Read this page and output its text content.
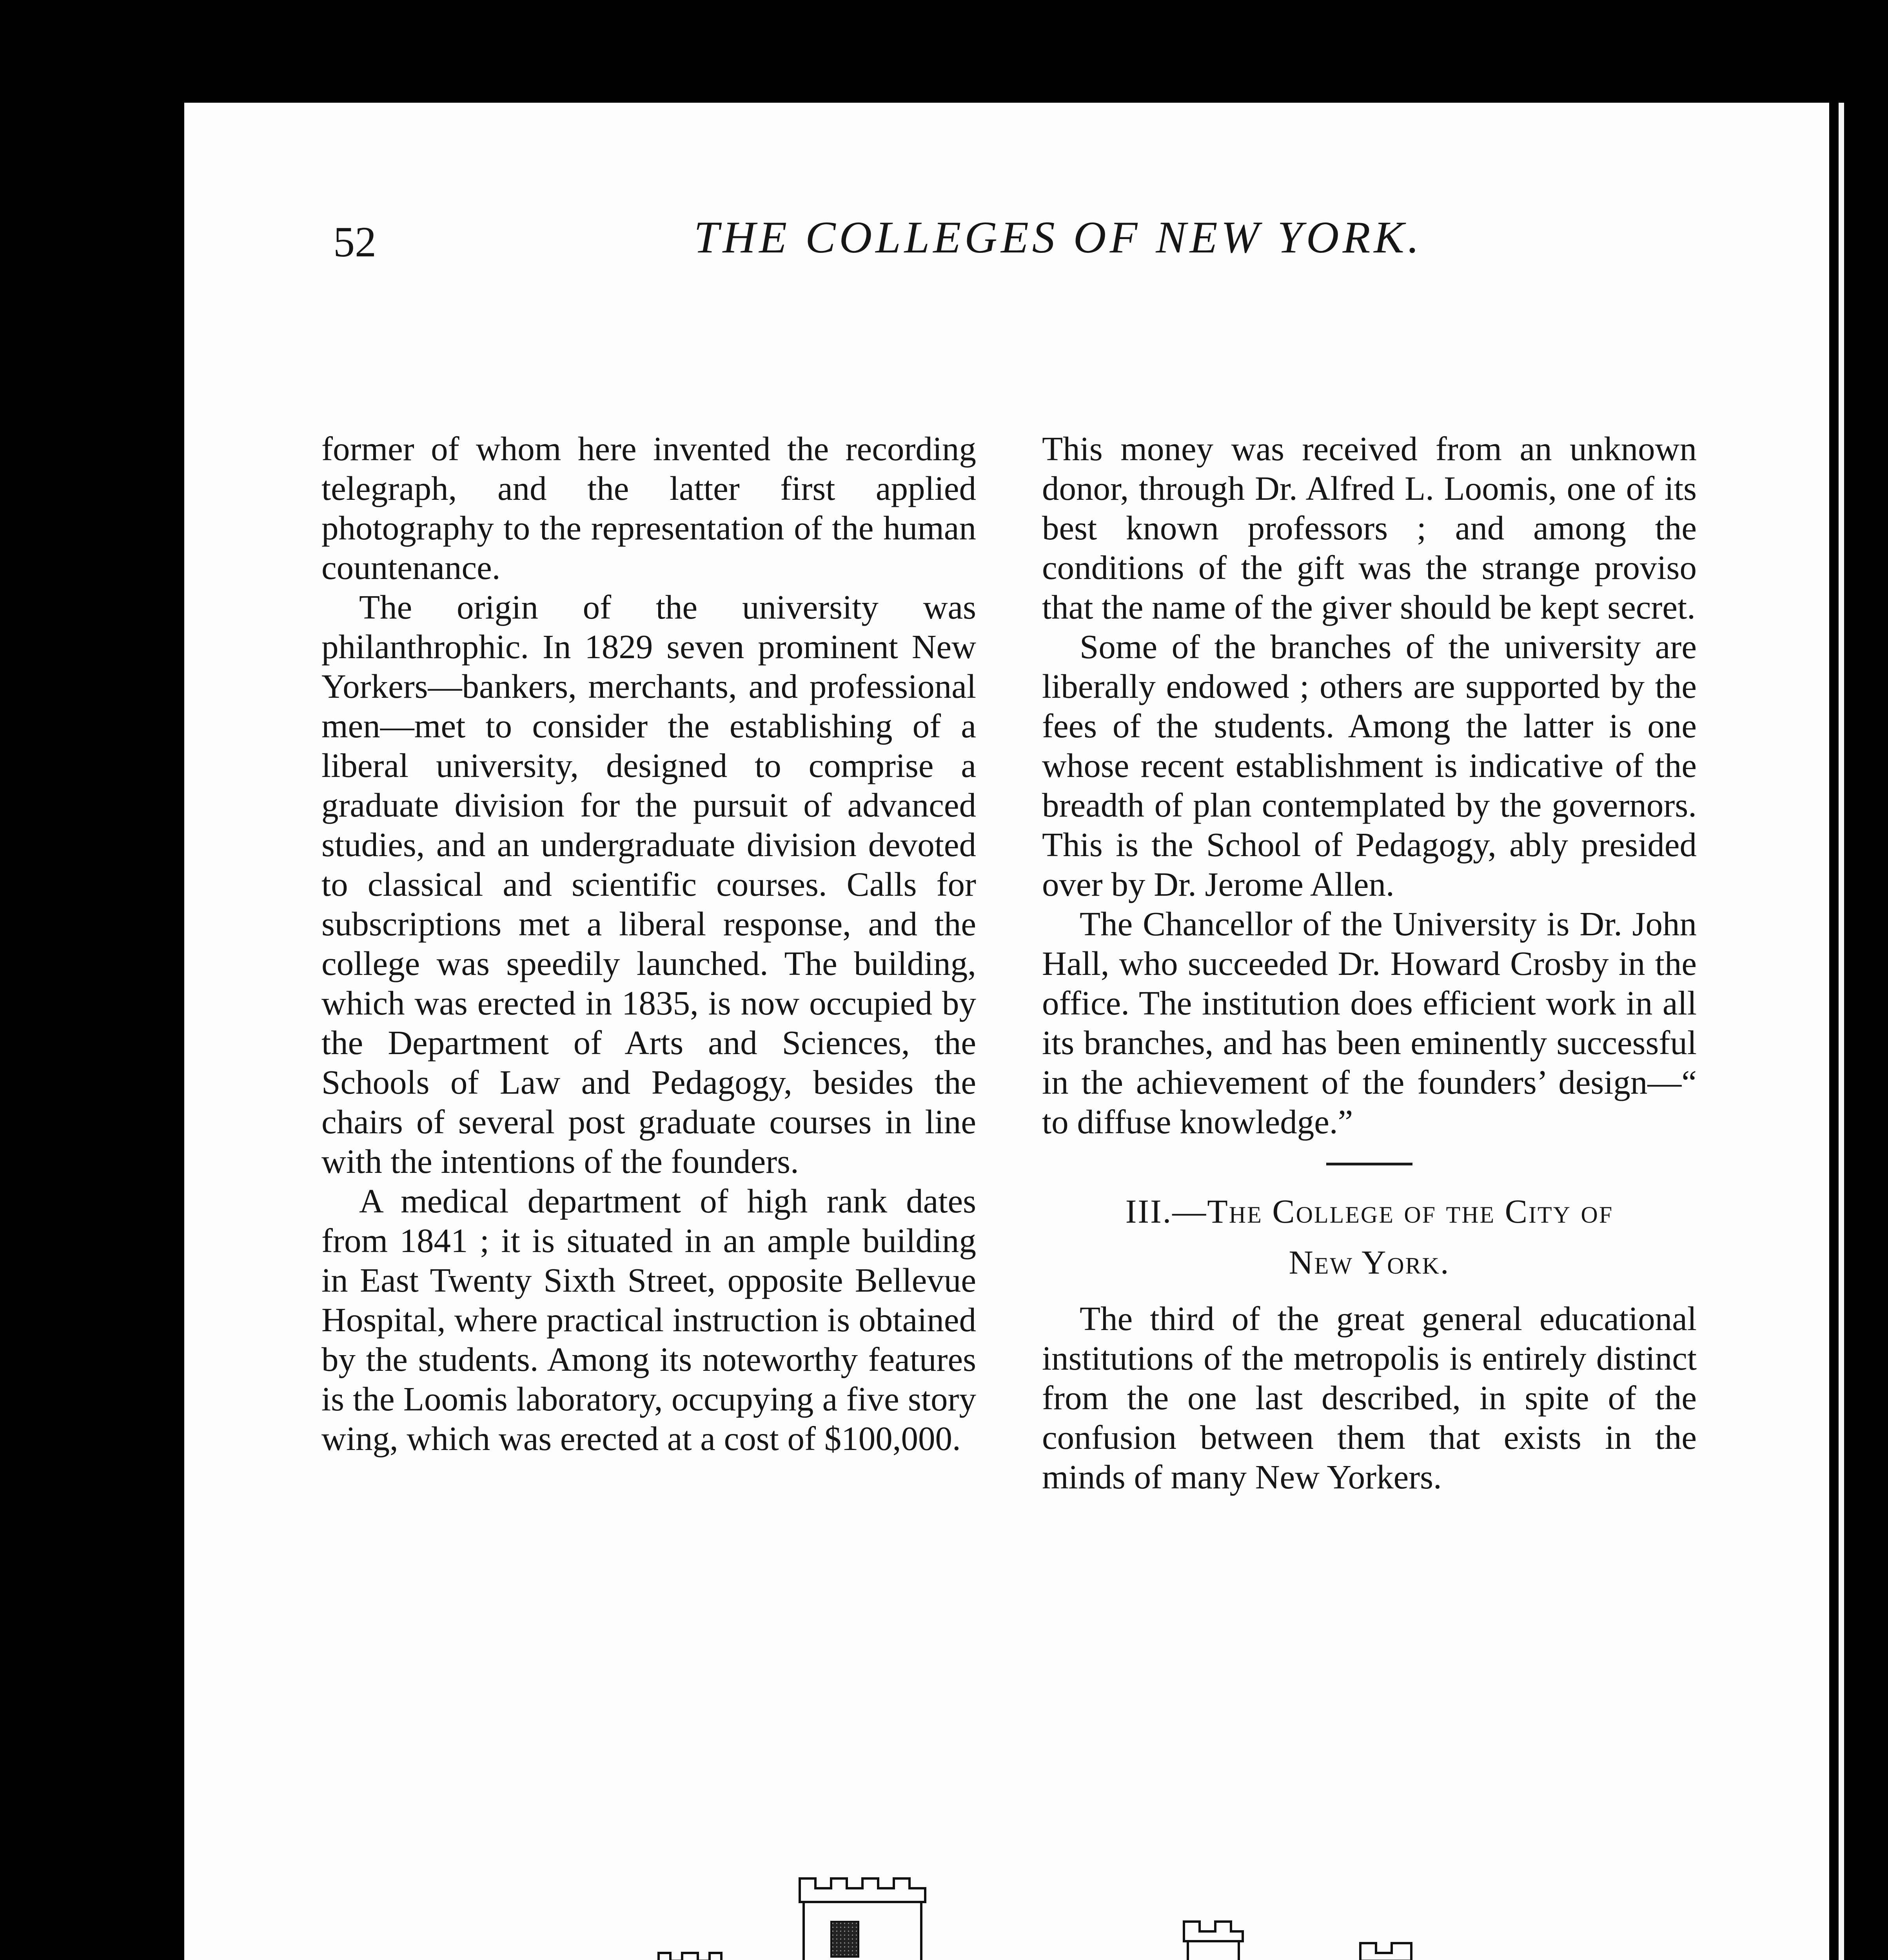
52	THE COLLEGES OF NEW YORK.

former of whom here invented the recording telegraph, and the latter first applied photography to the representation of the human countenance.

The origin of the university was philanthrophic. In 1829 seven prominent New Yorkers—bankers, merchants, and professional men—met to consider the establishing of a liberal university, designed to comprise a graduate division for the pursuit of advanced studies, and an undergraduate division devoted to classical and scientific courses. Calls for subscriptions met a liberal response, and the college was speedily launched. The building, which was erected in 1835, is now occupied by the Department of Arts and Sciences, the Schools of Law and Pedagogy, besides the chairs of several post graduate courses in line with the intentions of the founders.

A medical department of high rank dates from 1841 ; it is situated in an ample building in East Twenty Sixth Street, opposite Bellevue Hospital, where practical instruction is obtained by the students. Among its noteworthy features is the Loomis laboratory, occupying a five story wing, which was erected at a cost of $100,000.

This money was received from an unknown donor, through Dr. Alfred L. Loomis, one of its best known professors ; and among the conditions of the gift was the strange proviso that the name of the giver should be kept secret.

Some of the branches of the university are liberally endowed ; others are supported by the fees of the students. Among the latter is one whose recent establishment is indicative of the breadth of plan contemplated by the governors. This is the School of Pedagogy, ably presided over by Dr. Jerome Allen.

The Chancellor of the University is Dr. John Hall, who succeeded Dr. Howard Crosby in the office. The institution does efficient work in all its branches, and has been eminently successful in the achievement of the founders’ design—“ to diffuse knowledge.”

III.—The College of the City of
New York.

The third of the great general educational institutions of the metropolis is entirely distinct from the one last described, in spite of the confusion between them that exists in the minds of many New Yorkers.
